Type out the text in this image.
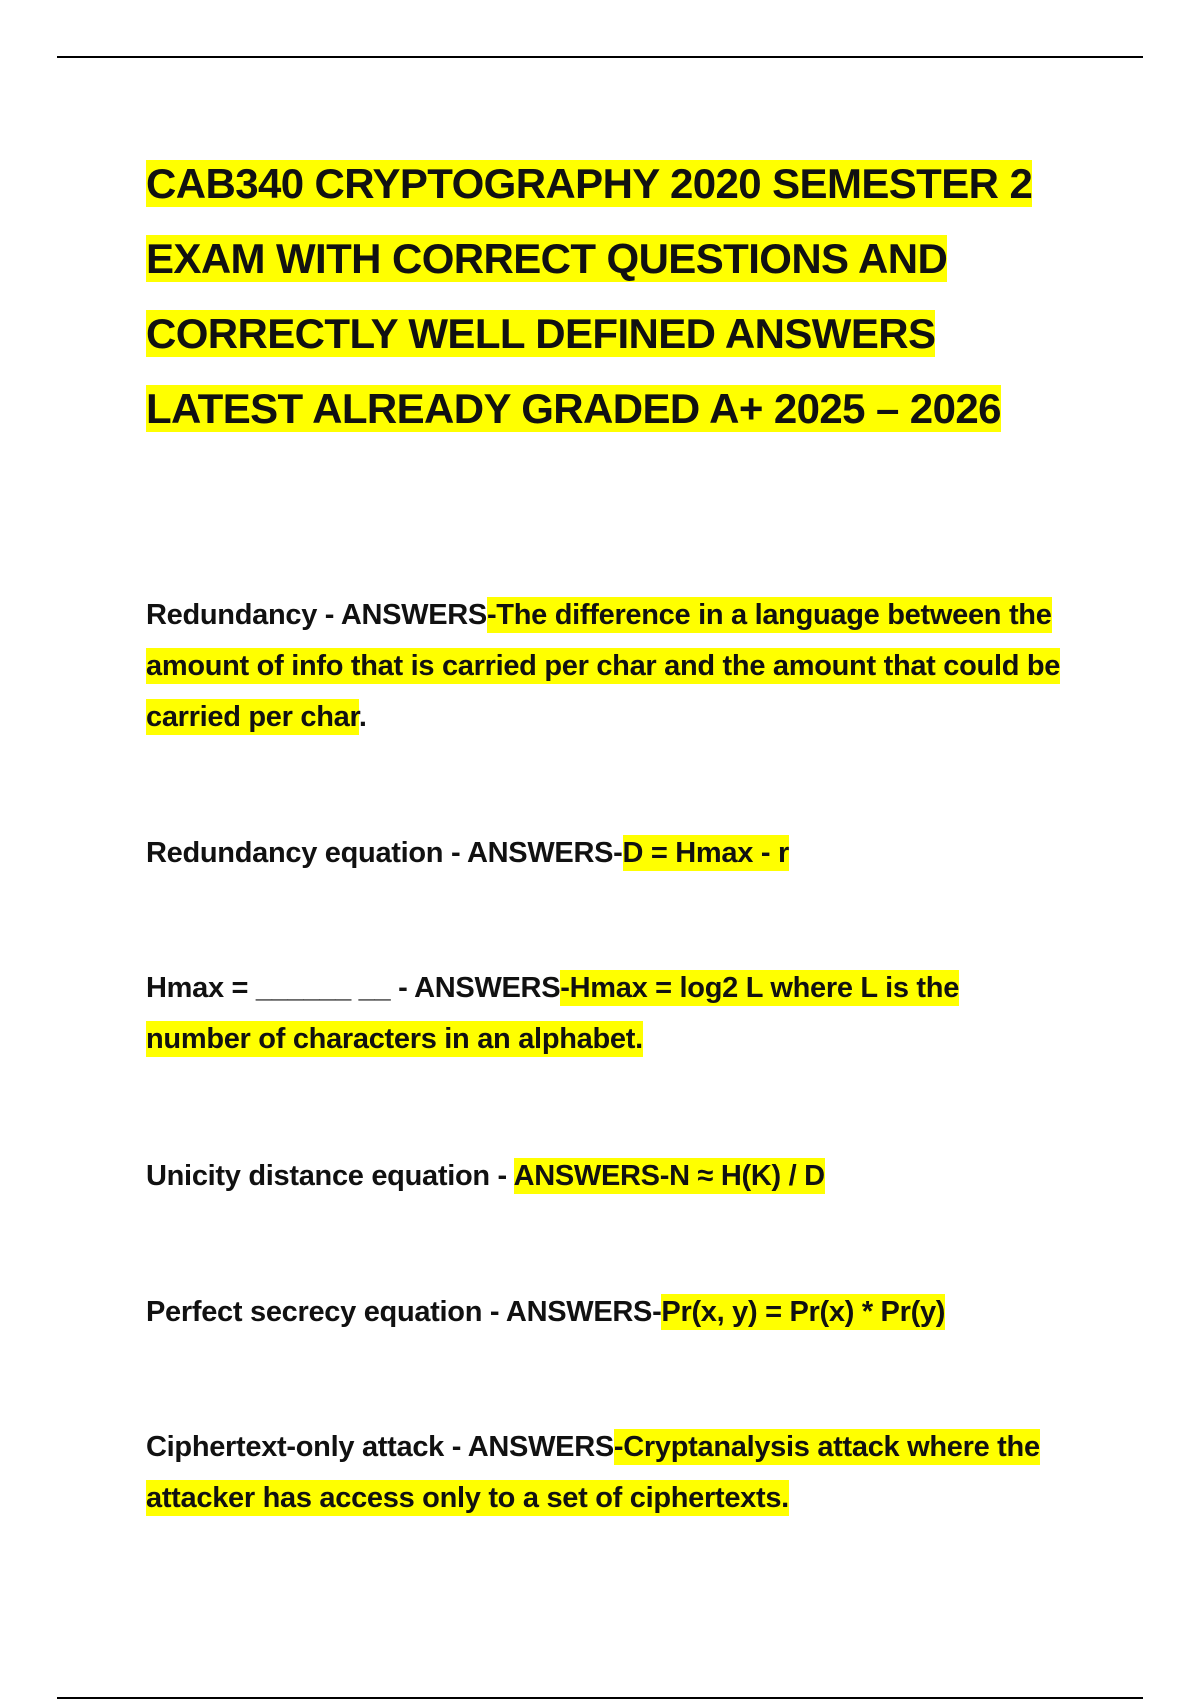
CAB340 CRYPTOGRAPHY 2020 SEMESTER 2 EXAM WITH CORRECT QUESTIONS AND CORRECTLY WELL DEFINED ANSWERS LATEST ALREADY GRADED A+ 2025 – 2026

Redundancy - ANSWERS-The difference in a language between the amount of info that is carried per char and the amount that could be carried per char.

Redundancy equation - ANSWERS-D = Hmax - r

Hmax = ______ __ - ANSWERS-Hmax = log2 L where L is the number of characters in an alphabet.

Unicity distance equation - ANSWERS-N ≈ H(K) / D

Perfect secrecy equation - ANSWERS-Pr(x, y) = Pr(x) * Pr(y)

Ciphertext-only attack - ANSWERS-Cryptanalysis attack where the attacker has access only to a set of ciphertexts.
